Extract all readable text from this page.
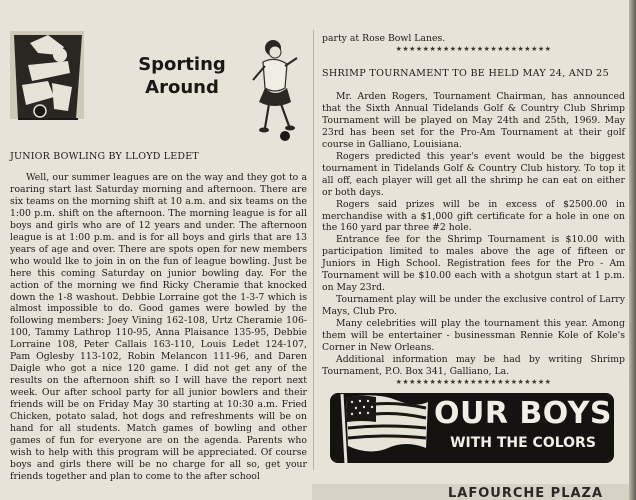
Sporting
Around
JUNIOR BOWLING BY LLOYD LEDET

Well, our summer leagues are on the way and they got to a roaring start last Saturday morning and afternoon. There are six teams on the morning shift at 10 a.m. and six teams on the 1:00 p.m. shift on the afternoon. The morning league is for all boys and girls who are of 12 years and under. The afternoon league is at 1:00 p.m. and is for all boys and girls that are 13 years of age and over. There are spots open for new members who would lke to join in on the fun of league bowling. Just be here this coming Saturday on junior bowling day. For the action of the morning we find Ricky Cheramie that knocked down the 1-8 washout. Debbie Lorraine got the 1-3-7 which is almost impossible to do. Good games were bowled by the following members: Joey Vining 162-108, Urtz Cheramie 106-100, Tammy Lathrop 110-95, Anna Plaisance 135-95, Debbie Lorraine 108, Peter Callais 163-110, Louis Ledet 124-107, Pam Oglesby 113-102, Robin Melancon 111-96, and Daren Daigle who got a nice 120 game. I did not get any of the results on the afternoon shift so I will have the report next week. Our after school party for all junior bowlers and their friends will be on Friday May 30 starting at 10:30 a.m. Fried Chicken, potato salad, hot dogs and refreshments will be on hand for all students. Match games of bowling and other games of fun for everyone are on the agenda. Parents who wish to help with this program will be appreciated. Of course boys and girls there will be no charge for all so, get your friends together and plan to come to the after school

party at Rose Bowl Lanes.

★★★★★★★★★★★★★★★★★★★★★★★
SHRIMP TOURNAMENT TO BE HELD MAY 24, AND 25

Mr. Arden Rogers, Tournament Chairman, has announced that the Sixth Annual Tidelands Golf & Country Club Shrimp Tournament will be played on May 24th and 25th, 1969. May 23rd has been set for the Pro-Am Tournament at their golf course in Galliano, Louisiana.

Rogers predicted this year's event would be the biggest tournament in Tidelands Golf & Country Club history. To top it all off, each player will get all the shrimp he can eat on either or both days.

Rogers said prizes will be in excess of $2500.00 in merchandise with a $1,000 gift certificate for a hole in one on the 160 yard par three #2 hole.

Entrance fee for the Shrimp Tournament is $10.00 with participation limited to males above the age of fifteen or Juniors in High School. Registration fees for the Pro - Am Tournament will be $10.00 each with a shotgun start at 1 p.m. on May 23rd.

Tournament play will be under the exclusive control of Larry Mays, Club Pro.

Many celebrities will play the tournament this year. Among them will be entertainer - businessman Rennie Kole of Kole's Corner in New Orleans.

Additional information may be had by writing Shrimp Tournament, P.O. Box 341, Galliano, La.

★★★★★★★★★★★★★★★★★★★★★★★
OUR BOYS
WITH THE COLORS
LAFOURCHE PLAZA
